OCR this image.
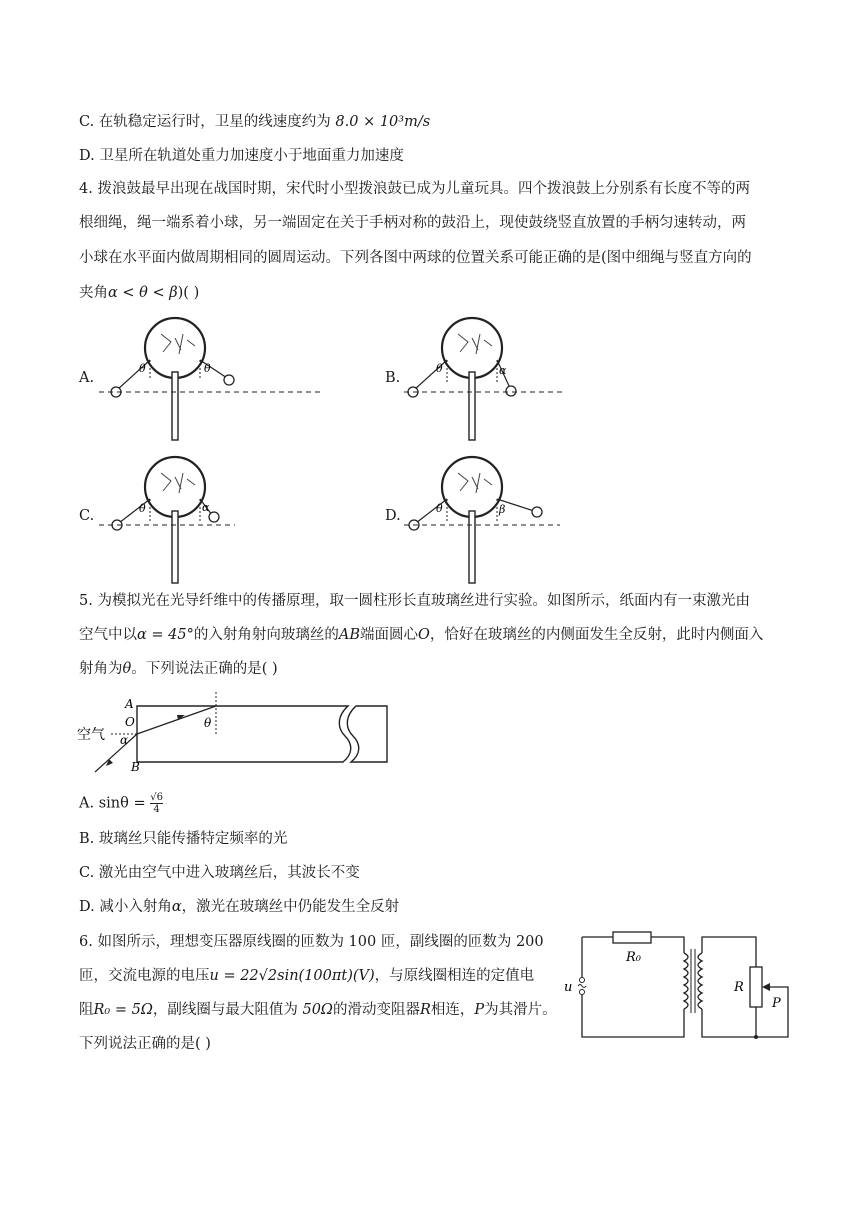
C. 在轨稳定运行时，卫星的线速度约为 8.0 × 10³m/s
D. 卫星所在轨道处重力加速度小于地面重力加速度
4. 拨浪鼓最早出现在战国时期，宋代时小型拨浪鼓已成为儿童玩具。四个拨浪鼓上分别系有长度不等的两
根细绳，绳一端系着小球，另一端固定在关于手柄对称的鼓沿上，现使鼓绕竖直放置的手柄匀速转动，两
小球在水平面内做周期相同的圆周运动。下列各图中两球的位置关系可能正确的是(图中细绳与竖直方向的
夹角α < θ < β)( )
A.
θ	θ
B.
θ	α
C.	θ	α
D.	θ	β
5. 为模拟光在光导纤维中的传播原理，取一圆柱形长直玻璃丝进行实验。如图所示，纸面内有一束激光由
空气中以α = 45°的入射角射向玻璃丝的AB端面圆心O，恰好在玻璃丝的内侧面发生全反射，此时内侧面入
射角为θ。下列说法正确的是( )
空气
A
O
α
B
θ
A. $\sin\theta = \frac{√6}{4}$
B. 玻璃丝只能传播特定频率的光
C. 激光由空气中进入玻璃丝后，其波长不变
D. 减小入射角α，激光在玻璃丝中仍能发生全反射
6. 如图所示，理想变压器原线圈的匝数为 100 匝，副线圈的匝数为 200
匝，交流电源的电压u = 22√2sin(100πt)(V)，与原线圈相连的定值电
阻R₀ = 5Ω，副线圈与最大阻值为 50Ω的滑动变阻器R相连，P为其滑片。
下列说法正确的是( )
R₀
u	R
P
